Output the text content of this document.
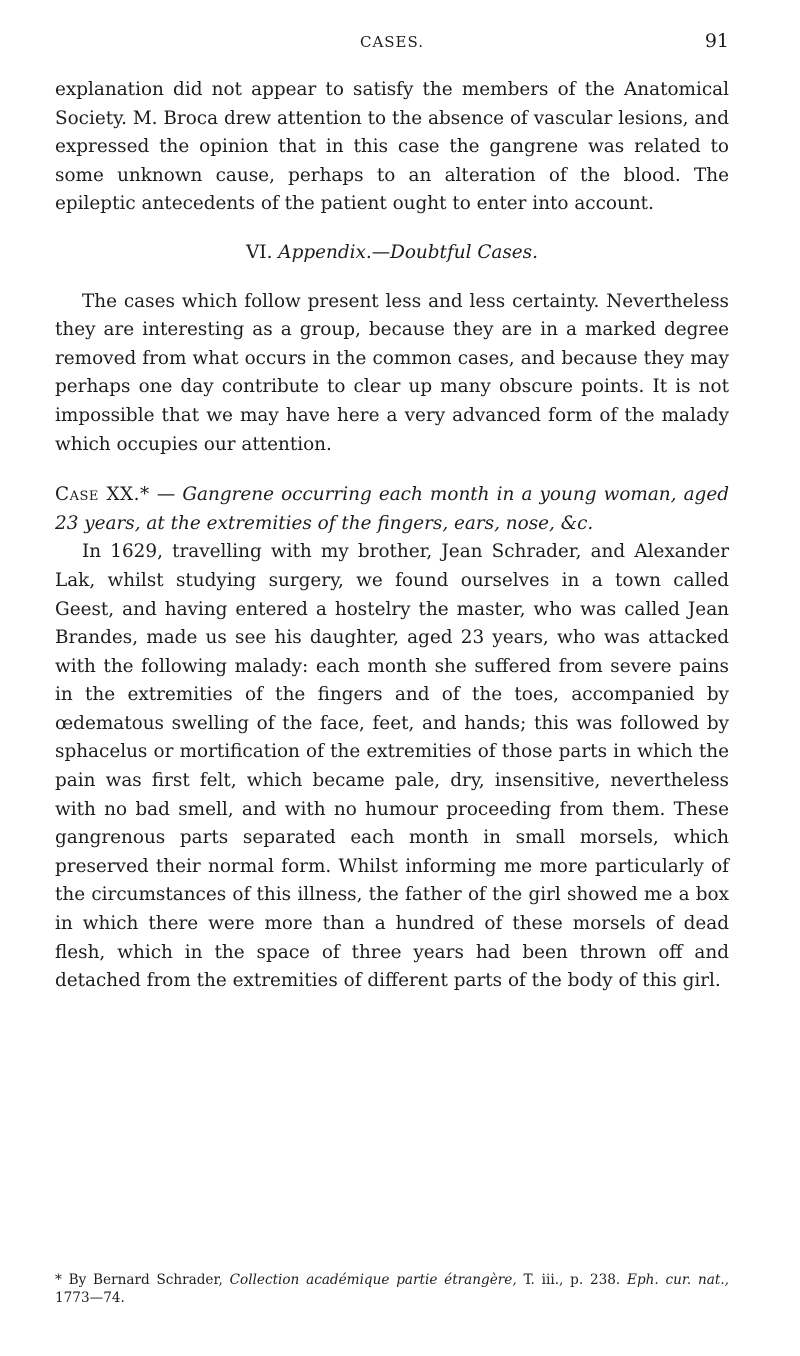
CASES.	91

explanation did not appear to satisfy the members of the Anatomical Society. M. Broca drew attention to the absence of vascular lesions, and expressed the opinion that in this case the gangrene was related to some unknown cause, perhaps to an alteration of the blood. The epileptic antecedents of the patient ought to enter into account.

VI. Appendix.—Doubtful Cases.

The cases which follow present less and less certainty. Nevertheless they are interesting as a group, because they are in a marked degree removed from what occurs in the common cases, and because they may perhaps one day contribute to clear up many obscure points. It is not impossible that we may have here a very advanced form of the malady which occupies our attention.

Case XX.* — Gangrene occurring each month in a young woman, aged 23 years, at the extremities of the fingers, ears, nose, &c.

In 1629, travelling with my brother, Jean Schrader, and Alexander Lak, whilst studying surgery, we found ourselves in a town called Geest, and having entered a hostelry the master, who was called Jean Brandes, made us see his daughter, aged 23 years, who was attacked with the following malady: each month she suffered from severe pains in the extremities of the fingers and of the toes, accompanied by œdematous swelling of the face, feet, and hands; this was followed by sphacelus or mortification of the extremities of those parts in which the pain was first felt, which became pale, dry, insensitive, nevertheless with no bad smell, and with no humour proceeding from them. These gangrenous parts separated each month in small morsels, which preserved their normal form. Whilst informing me more particularly of the circumstances of this illness, the father of the girl showed me a box in which there were more than a hundred of these morsels of dead flesh, which in the space of three years had been thrown off and detached from the extremities of different parts of the body of this girl.

* By Bernard Schrader, Collection académique partie étrangère, T. iii., p. 238. Eph. cur. nat., 1773—74.
